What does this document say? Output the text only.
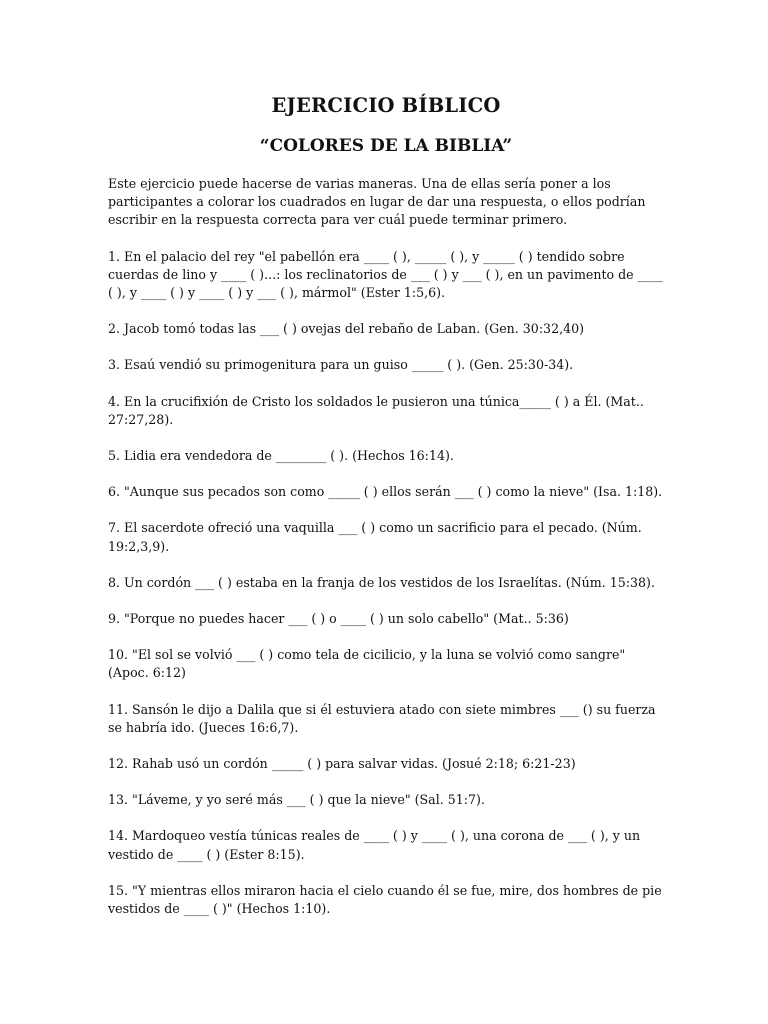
EJERCICIO BÍBLICO
“COLORES DE LA BIBLIA”

Este ejercicio puede hacerse de varias maneras. Una de ellas sería poner a los participantes a colorar los cuadrados en lugar de dar una respuesta, o ellos podrían escribir en la respuesta correcta para ver cuál puede terminar primero.

1. En el palacio del rey "el pabellón era ____ ( ), _____ ( ), y _____ ( ) tendido sobre cuerdas de lino y ____ ( )...: los reclinatorios de ___ ( ) y ___ ( ), en un pavimento de ____ ( ), y ____ ( ) y ____ ( ) y ___ ( ), mármol" (Ester 1:5,6).

2. Jacob tomó todas las ___ ( ) ovejas del rebaño de Laban. (Gen. 30:32,40)

3. Esaú vendió su primogenitura para un guiso _____ ( ). (Gen. 25:30-34).

4. En la crucifixión de Cristo los soldados le pusieron una túnica_____ ( ) a Él. (Mat.. 27:27,28).

5. Lidia era vendedora de ________ ( ). (Hechos 16:14).

6. "Aunque sus pecados son como _____ ( ) ellos serán ___ ( ) como la nieve" (Isa. 1:18).

7. El sacerdote ofreció una vaquilla ___ ( ) como un sacrificio para el pecado. (Núm. 19:2,3,9).

8. Un cordón ___ ( ) estaba en la franja de los vestidos de los Israelítas. (Núm. 15:38).

9. "Porque no puedes hacer ___ ( ) o ____ ( ) un solo cabello" (Mat.. 5:36)

10. "El sol se volvió ___ ( ) como tela de cicilicio, y la luna se volvió como sangre" (Apoc. 6:12)

11. Sansón le dijo a Dalila que si él estuviera atado con siete mimbres ___ () su fuerza se habría ido. (Jueces 16:6,7).

12. Rahab usó un cordón _____ ( ) para salvar vidas. (Josué 2:18; 6:21-23)

13. "Láveme, y yo seré más ___ ( ) que la nieve" (Sal. 51:7).

14. Mardoqueo vestía túnicas reales de ____ ( ) y ____ ( ), una corona de ___ ( ), y un vestido de ____ ( ) (Ester 8:15).

15. "Y mientras ellos miraron hacia el cielo cuando él se fue, mire, dos hombres de pie vestidos de ____ ( )" (Hechos 1:10).
